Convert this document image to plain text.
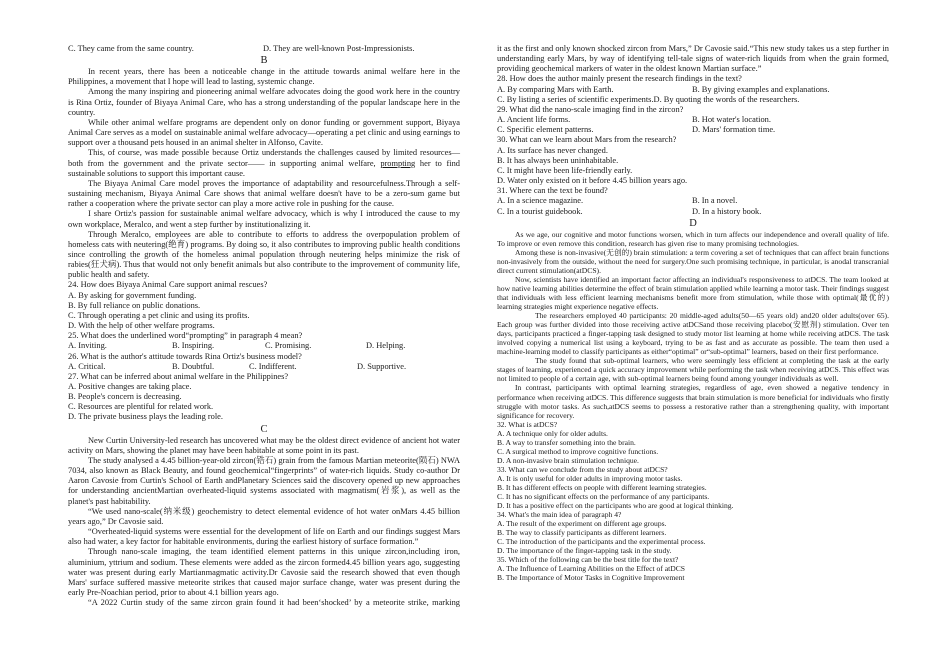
C. They came from the same country.	D. They are well-known Post-Impressionists.
B

In recent years, there has been a noticeable change in the attitude towards animal welfare here in the Philippines, a movement that I hope will lead to lasting, systemic change.

Among the many inspiring and pioneering animal welfare advocates doing the good work here in the country is Rina Ortiz, founder of Biyaya Animal Care, who has a strong understanding of the popular landscape here in the country.

While other animal welfare programs are dependent only on donor funding or government support, Biyaya Animal Care serves as a model on sustainable animal welfare advocacy—operating a pet clinic and using earnings to support over a thousand pets housed in an animal shelter in Alfonso, Cavite.

This, of course, was made possible because Ortiz understands the challenges caused by limited resources— both from the government and the private sector—— in supporting animal welfare, prompting her to find sustainable solutions to support this important cause.

The Biyaya Animal Care model proves the importance of adaptability and resourcefulness.Through a self-sustaining mechanism, Biyaya Animal Care shows that animal welfare doesn't have to be a zero-sum game but rather a cooperation where the private sector can play a more active role in pushing for the cause.

I share Ortiz's passion for sustainable animal welfare advocacy, which is why I introduced the cause to my own workplace, Meralco, and went a step further by institutionalizing it.

Through Meralco, employees are able to contribute to efforts to address the overpopulation problem of homeless cats with neutering(绝育) programs. By doing so, it also contributes to improving public health conditions since controlling the growth of the homeless animal population through neutering helps minimize the risk of rabies(狂犬病). Thus that would not only benefit animals but also contribute to the improvement of community life, public health and safety.

24. How does Biyaya Animal Care support animal rescues?
A. By asking for government funding.
B. By full reliance on public donations.
C. Through operating a pet clinic and using its profits.
D. With the help of other welfare programs.
25. What does the underlined word“prompting” in paragraph 4 mean?
A. Inviting.	B. Inspiring.	C. Promising.	D. Helping.
26. What is the author's attitude towards Rina Ortiz's business model?
A. Critical.	B. Doubtful.	C. Indifferent.	D. Supportive.
27. What can be inferred about animal welfare in the Philippines?
A. Positive changes are taking place.
B. People's concern is decreasing.
C. Resources are plentiful for related work.
D. The private business plays the leading role.
C

New Curtin University-led research has uncovered what may be the oldest direct evidence of ancient hot water activity on Mars, showing the planet may have been habitable at some point in its past.

The study analysed a 4.45 billion-year-old zircon(锆石) grain from the famous Martian meteorite(陨石) NWA 7034, also known as Black Beauty, and found geochemical“fingerprints” of water-rich liquids. Study co-author Dr Aaron Cavosie from Curtin's School of Earth andPlanetary Sciences said the discovery opened up new approaches for understanding ancientMartian overheated-liquid systems associated with magmatism(岩浆), as well as the planet's past habitability.

“We used nano-scale(纳米级) geochemistry to detect elemental evidence of hot water onMars 4.45 billion years ago,” Dr Cavosie said.

“Overheated-liquid systems were essential for the development of life on Earth and our findings suggest Mars also had water, a key factor for habitable environments, during the earliest history of surface formation.”

Through nano-scale imaging, the team identified element patterns in this unique zircon,including iron, aluminium, yttrium and sodium. These elements were added as the zircon formed4.45 billion years ago, suggesting water was present during early Martianmagmatic activity.Dr Cavosie said the research showed that even though Mars' surface suffered massive meteorite strikes that caused major surface change, water was present during the early Pre-Noachian period, prior to about 4.1 billion years ago.

“A 2022 Curtin study of the same zircon grain found it had been‘shocked’ by a meteorite strike, marking

it as the first and only known shocked zircon from Mars,” Dr Cavosie said.“This new study takes us a step further in understanding early Mars, by way of identifying tell-tale signs of water-rich liquids from when the grain formed, providing geochemical markers of water in the oldest known Martian surface.”

28. How does the author mainly present the research findings in the text?
A. By comparing Mars with Earth.	B. By giving examples and explanations.
C. By listing a series of scientific experiments.D. By quoting the words of the researchers.
29. What did the nano-scale imaging find in the zircon?
A. Ancient life forms.	B. Hot water's location.
C. Specific element patterns.	D. Mars' formation time.
30. What can we learn about Mars from the research?
A. Its surface has never changed.
B. It has always been uninhabitable.
C. It might have been life-friendly early.
D. Water only existed on it before 4.45 billion years ago.
31. Where can the text be found?
A. In a science magazine.	B. In a novel.
C. In a tourist guidebook.	D. In a history book.
D

As we age, our cognitive and motor functions worsen, which in turn affects our independence and overall quality of life. To improve or even remove this condition, research has given rise to many promising technologies.

Among these is non-invasive(无创的) brain stimulation: a term covering a set of techniques that can affect brain functions non-invasively from the outside, without the need for surgery.One such promising technique, in particular, is anodal transcranial direct current stimulation(atDCS).

Now, scientists have identified an important factor affecting an individual's responsiveness to atDCS. The team looked at how native learning abilities determine the effect of brain stimulation applied while learning a motor task. Their findings suggest that individuals with less efficient learning mechanisms benefit more from stimulation, while those with optimal(最优的) learning strategies might experience negative effects.

The researchers employed 40 participants: 20 middle-aged adults(50—65 years old) and20 older adults(over 65). Each group was further divided into those receiving active atDCSand those receiving placebo(安慰剂) stimulation. Over ten days, participants practiced a finger-tapping task designed to study motor list learning at home while receiving atDCS. The task involved copying a numerical list using a keyboard, trying to be as fast and as accurate as possible. The team then used a machine-learning model to classify participants as either“optimal” or“sub-optimal” learners, based on their first performance.

The study found that sub-optimal learners, who were seemingly less efficient at completing the task at the early stages of learning, experienced a quick accuracy improvement while performing the task when receiving atDCS. This effect was not limited to people of a certain age, with sub-optimal learners being found among younger individuals as well.

In contrast, participants with optimal learning strategies, regardless of age, even showed a negative tendency in performance when receiving atDCS. This difference suggests that brain stimulation is more beneficial for individuals who firstly struggle with motor tasks. As such,atDCS seems to possess a restorative rather than a strengthening quality, with important significance for recovery.

32. What is atDCS?
A. A technique only for older adults.
B. A way to transfer something into the brain.
C. A surgical method to improve cognitive functions.
D. A non-invasive brain stimulation technique.
33. What can we conclude from the study about atDCS?
A. It is only useful for older adults in improving motor tasks.
B. It has different effects on people with different learning strategies.
C. It has no significant effects on the performance of any participants.
D. It has a positive effect on the participants who are good at logical thinking.
34. What's the main idea of paragraph 4?
A. The result of the experiment on different age groups.
B. The way to classify participants as different learners.
C. The introduction of the participants and the experimental process.
D. The importance of the finger-tapping task in the study.
35. Which of the following can be the best title for the text?
A. The Influence of Learning Abilities on the Effect of atDCS
B. The Importance of Motor Tasks in Cognitive Improvement
